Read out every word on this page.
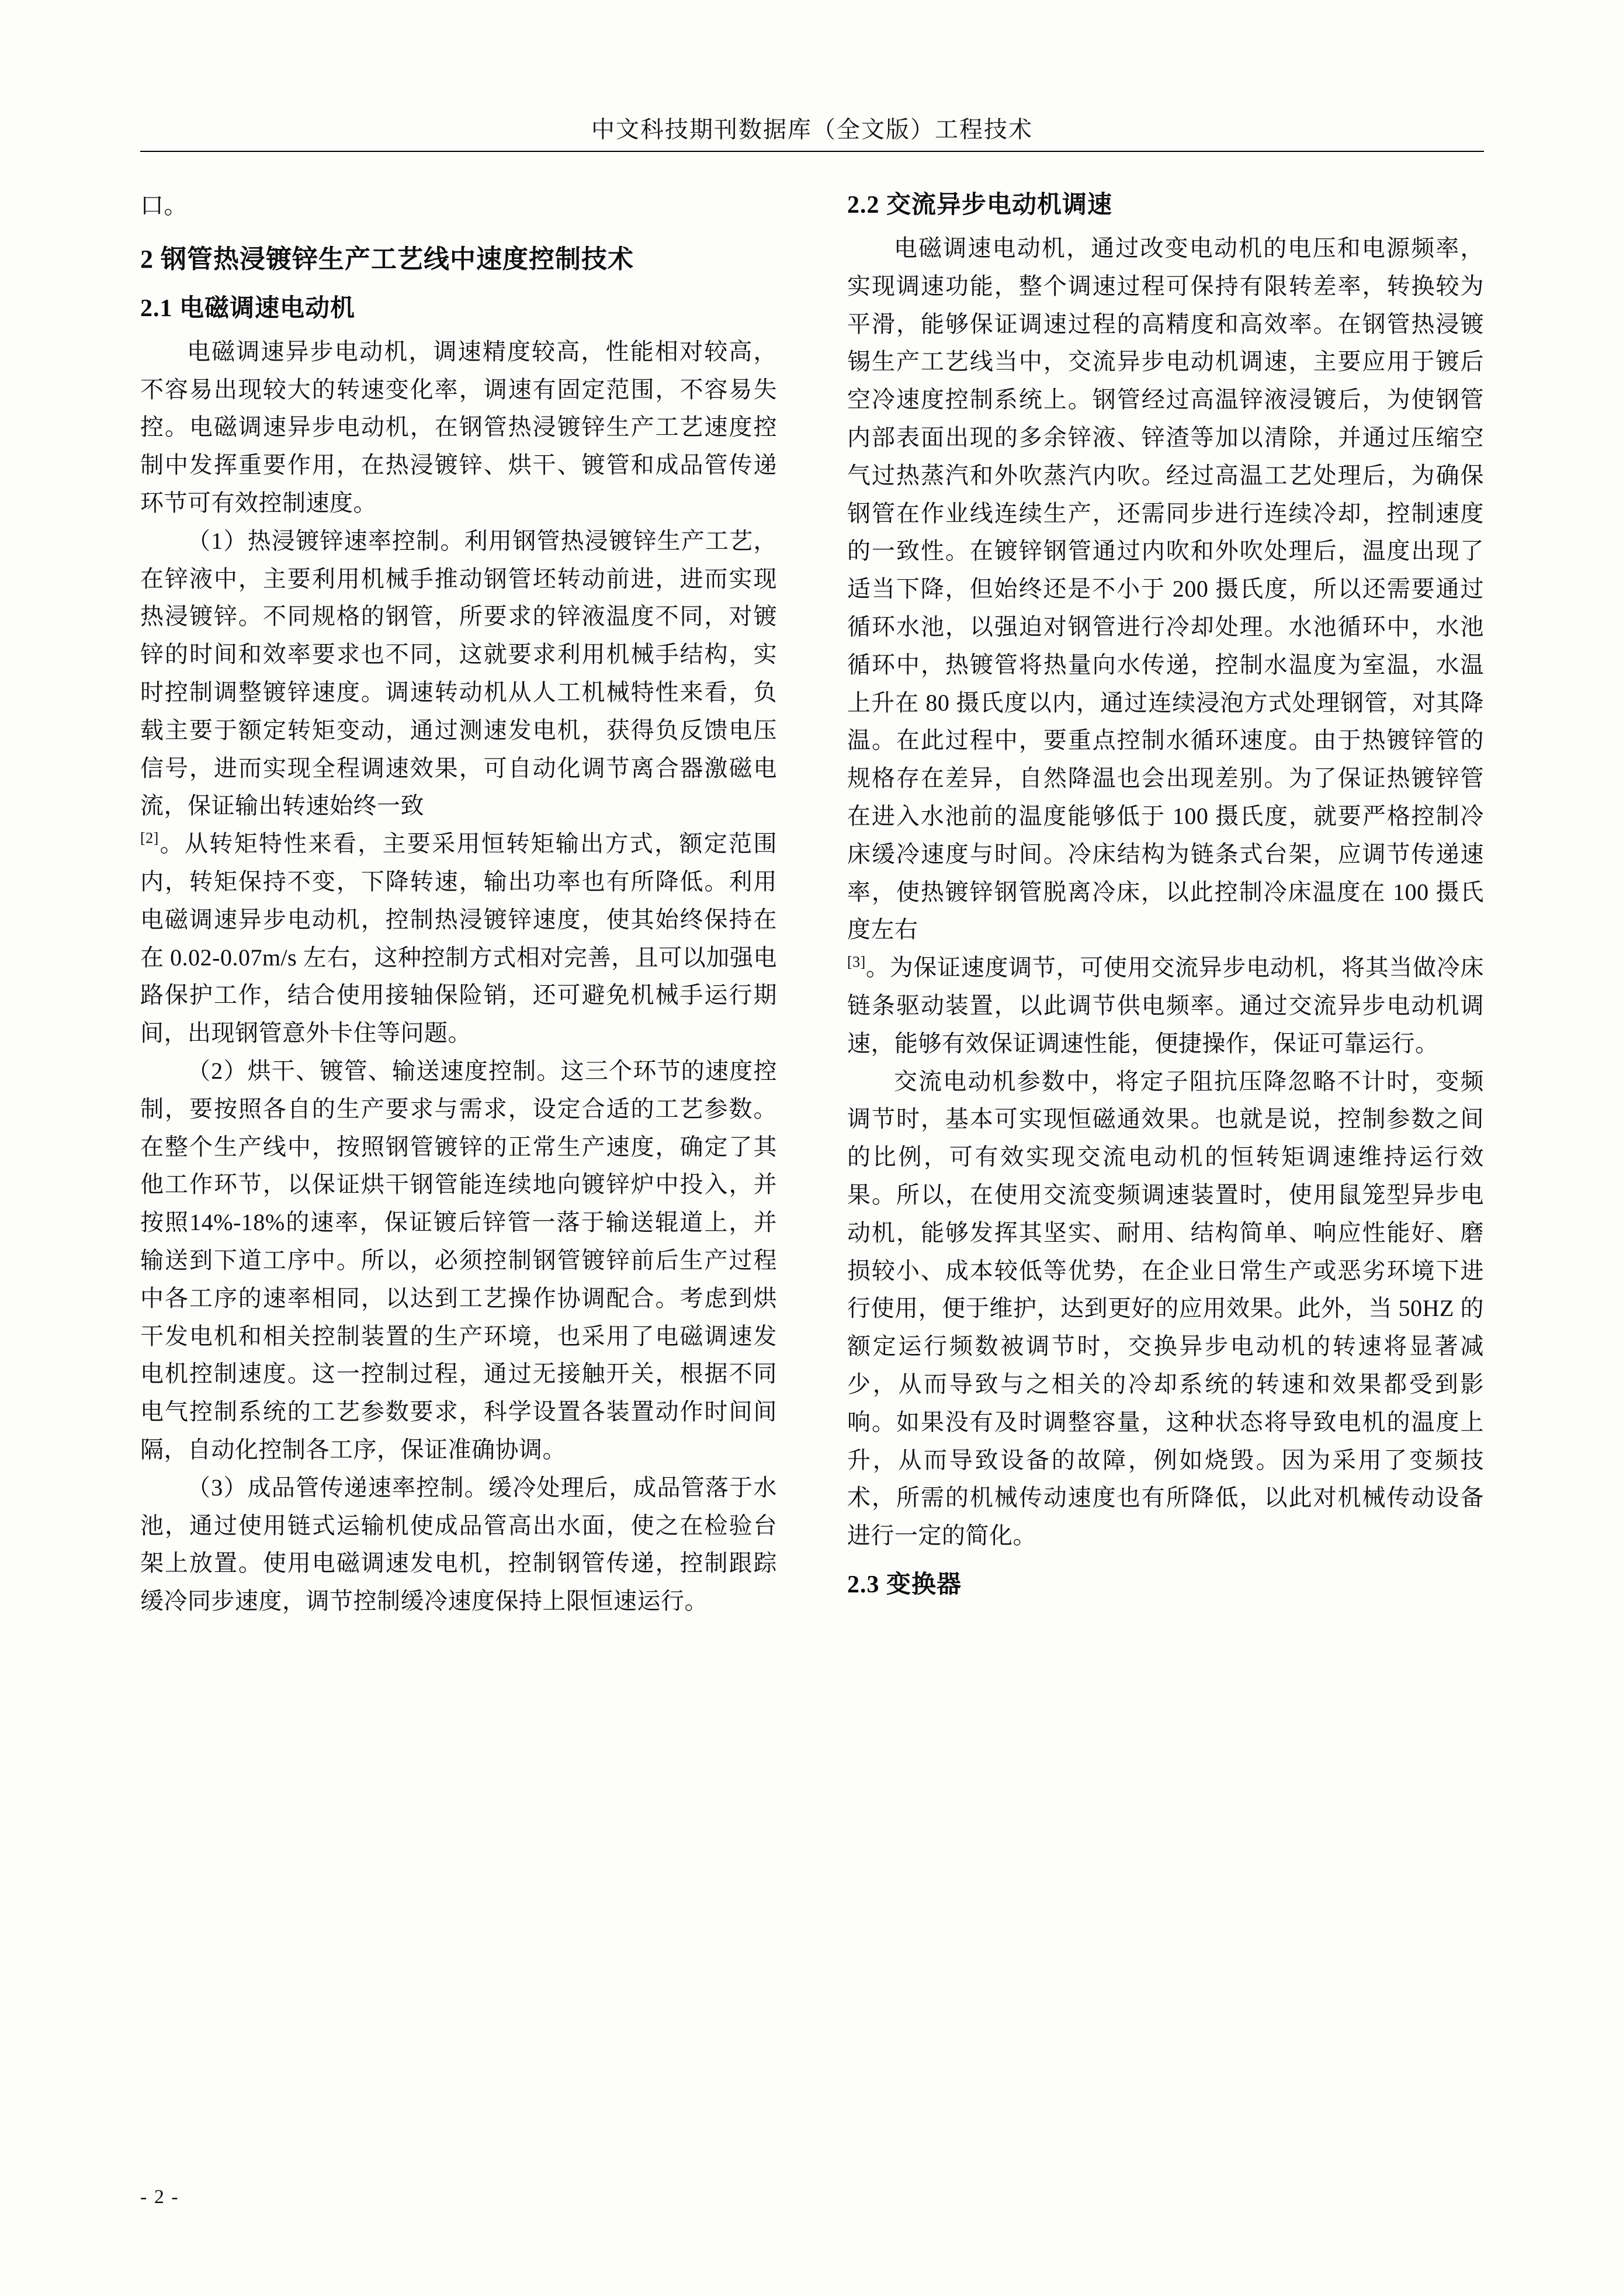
中文科技期刊数据库（全文版）工程技术

口。

2 钢管热浸镀锌生产工艺线中速度控制技术
2.1 电磁调速电动机

电磁调速异步电动机，调速精度较高，性能相对较高，不容易出现较大的转速变化率，调速有固定范围，不容易失控。电磁调速异步电动机，在钢管热浸镀锌生产工艺速度控制中发挥重要作用，在热浸镀锌、烘干、镀管和成品管传递环节可有效控制速度。

（1）热浸镀锌速率控制。利用钢管热浸镀锌生产工艺，在锌液中，主要利用机械手推动钢管坯转动前进，进而实现热浸镀锌。不同规格的钢管，所要求的锌液温度不同，对镀锌的时间和效率要求也不同，这就要求利用机械手结构，实时控制调整镀锌速度。调速转动机从人工机械特性来看，负载主要于额定转矩变动，通过测速发电机，获得负反馈电压信号，进而实现全程调速效果，可自动化调节离合器激磁电流，保证输出转速始终一致

[2]。从转矩特性来看，主要采用恒转矩输出方式，额定范围内，转矩保持不变，下降转速，输出功率也有所降低。利用电磁调速异步电动机，控制热浸镀锌速度，使其始终保持在在 0.02-0.07m/s 左右，这种控制方式相对完善，且可以加强电路保护工作，结合使用接轴保险销，还可避免机械手运行期间，出现钢管意外卡住等问题。

（2）烘干、镀管、输送速度控制。这三个环节的速度控制，要按照各自的生产要求与需求，设定合适的工艺参数。在整个生产线中，按照钢管镀锌的正常生产速度，确定了其他工作环节，以保证烘干钢管能连续地向镀锌炉中投入，并按照14%-18%的速率，保证镀后锌管一落于输送辊道上，并输送到下道工序中。所以，必须控制钢管镀锌前后生产过程中各工序的速率相同，以达到工艺操作协调配合。考虑到烘干发电机和相关控制装置的生产环境，也采用了电磁调速发电机控制速度。这一控制过程，通过无接触开关，根据不同电气控制系统的工艺参数要求，科学设置各装置动作时间间隔，自动化控制各工序，保证准确协调。

（3）成品管传递速率控制。缓冷处理后，成品管落于水池，通过使用链式运输机使成品管高出水面，使之在检验台架上放置。使用电磁调速发电机，控制钢管传递，控制跟踪缓冷同步速度，调节控制缓冷速度保持上限恒速运行。

2.2 交流异步电动机调速

电磁调速电动机，通过改变电动机的电压和电源频率，实现调速功能，整个调速过程可保持有限转差率，转换较为平滑，能够保证调速过程的高精度和高效率。在钢管热浸镀锡生产工艺线当中，交流异步电动机调速，主要应用于镀后空冷速度控制系统上。钢管经过高温锌液浸镀后，为使钢管内部表面出现的多余锌液、锌渣等加以清除，并通过压缩空气过热蒸汽和外吹蒸汽内吹。经过高温工艺处理后，为确保钢管在作业线连续生产，还需同步进行连续冷却，控制速度的一致性。在镀锌钢管通过内吹和外吹处理后，温度出现了适当下降，但始终还是不小于 200 摄氏度，所以还需要通过循环水池，以强迫对钢管进行冷却处理。水池循环中，水池循环中，热镀管将热量向水传递，控制水温度为室温，水温上升在 80 摄氏度以内，通过连续浸泡方式处理钢管，对其降温。在此过程中，要重点控制水循环速度。由于热镀锌管的规格存在差异，自然降温也会出现差别。为了保证热镀锌管在进入水池前的温度能够低于 100 摄氏度，就要严格控制冷床缓冷速度与时间。冷床结构为链条式台架，应调节传递速率，使热镀锌钢管脱离冷床，以此控制冷床温度在 100 摄氏度左右

[3]。为保证速度调节，可使用交流异步电动机，将其当做冷床链条驱动装置，以此调节供电频率。通过交流异步电动机调速，能够有效保证调速性能，便捷操作，保证可靠运行。

交流电动机参数中，将定子阻抗压降忽略不计时，变频调节时，基本可实现恒磁通效果。也就是说，控制参数之间的比例，可有效实现交流电动机的恒转矩调速维持运行效果。所以，在使用交流变频调速装置时，使用鼠笼型异步电动机，能够发挥其坚实、耐用、结构简单、响应性能好、磨损较小、成本较低等优势，在企业日常生产或恶劣环境下进行使用，便于维护，达到更好的应用效果。此外，当 50HZ 的额定运行频数被调节时，交换异步电动机的转速将显著减少，从而导致与之相关的冷却系统的转速和效果都受到影响。如果没有及时调整容量，这种状态将导致电机的温度上升，从而导致设备的故障，例如烧毁。因为采用了变频技术，所需的机械传动速度也有所降低，以此对机械传动设备进行一定的简化。

2.3 变换器
- 2 -
